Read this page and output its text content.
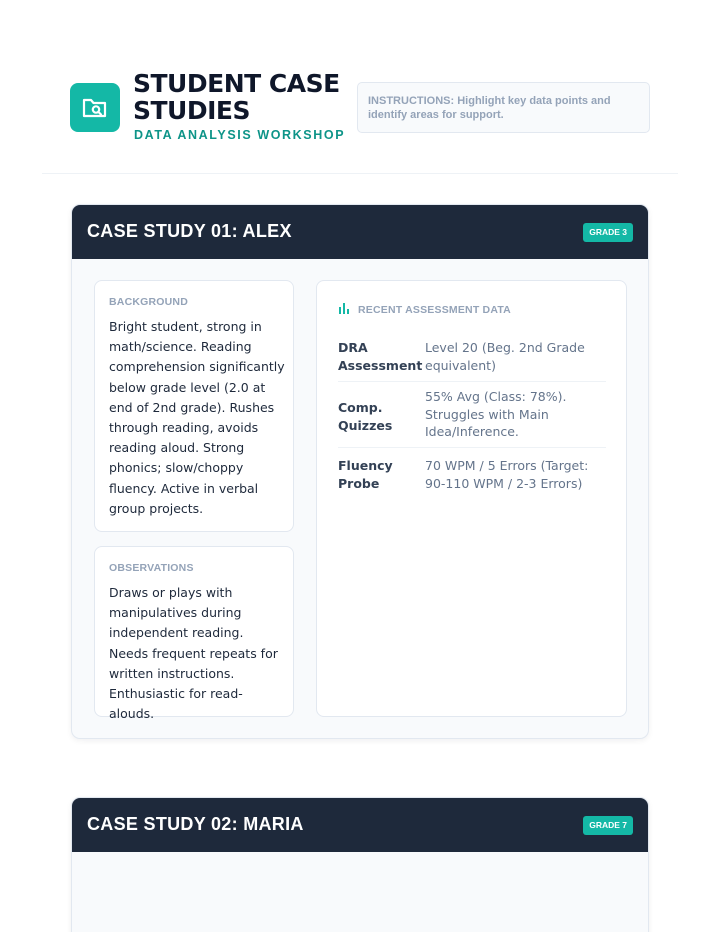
STUDENT CASE STUDIES
DATA ANALYSIS WORKSHOP
INSTRUCTIONS: Highlight key data points and identify areas for support.
CASE STUDY 01: ALEX	GRADE 3
BACKGROUND
Bright student, strong in math/science. Reading comprehension significantly below grade level (2.0 at end of 2nd grade). Rushes through reading, avoids reading aloud. Strong phonics; slow/choppy fluency. Active in verbal group projects.
OBSERVATIONS
Draws or plays with manipulatives during independent reading. Needs frequent repeats for written instructions. Enthusiastic for read-alouds.
RECENT ASSESSMENT DATA
DRA Assessment
Level 20 (Beg. 2nd Grade equivalent)
Comp. Quizzes
55% Avg (Class: 78%). Struggles with Main Idea/Inference.
Fluency Probe
70 WPM / 5 Errors (Target: 90-110 WPM / 2-3 Errors)
CASE STUDY 02: MARIA	GRADE 7
